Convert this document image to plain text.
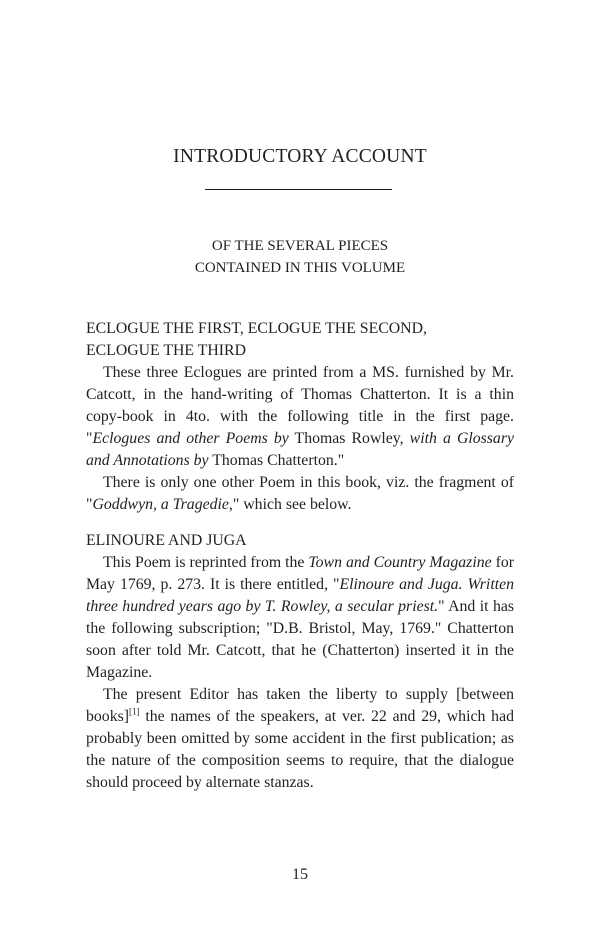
INTRODUCTORY ACCOUNT
OF THE SEVERAL PIECES
CONTAINED IN THIS VOLUME
ECLOGUE THE FIRST, ECLOGUE THE SECOND,
ECLOGUE THE THIRD

These three Eclogues are printed from a MS. furnished by Mr. Catcott, in the hand-writing of Thomas Chatterton. It is a thin copy-book in 4to. with the following title in the first page. "Eclogues and other Poems by Thomas Rowley, with a Glossary and Annotations by Thomas Chatterton."

There is only one other Poem in this book, viz. the fragment of "Goddwyn, a Tragedie," which see below.

ELINOURE AND JUGA

This Poem is reprinted from the Town and Country Magazine for May 1769, p. 273. It is there entitled, "Elinoure and Juga. Written three hundred years ago by T. Rowley, a secular priest." And it has the following subscription; "D.B. Bristol, May, 1769." Chatterton soon after told Mr. Catcott, that he (Chatterton) inserted it in the Magazine.

The present Editor has taken the liberty to supply [between books][1] the names of the speakers, at ver. 22 and 29, which had probably been omitted by some accident in the first publication; as the nature of the composition seems to require, that the dialogue should proceed by alternate stanzas.

15
